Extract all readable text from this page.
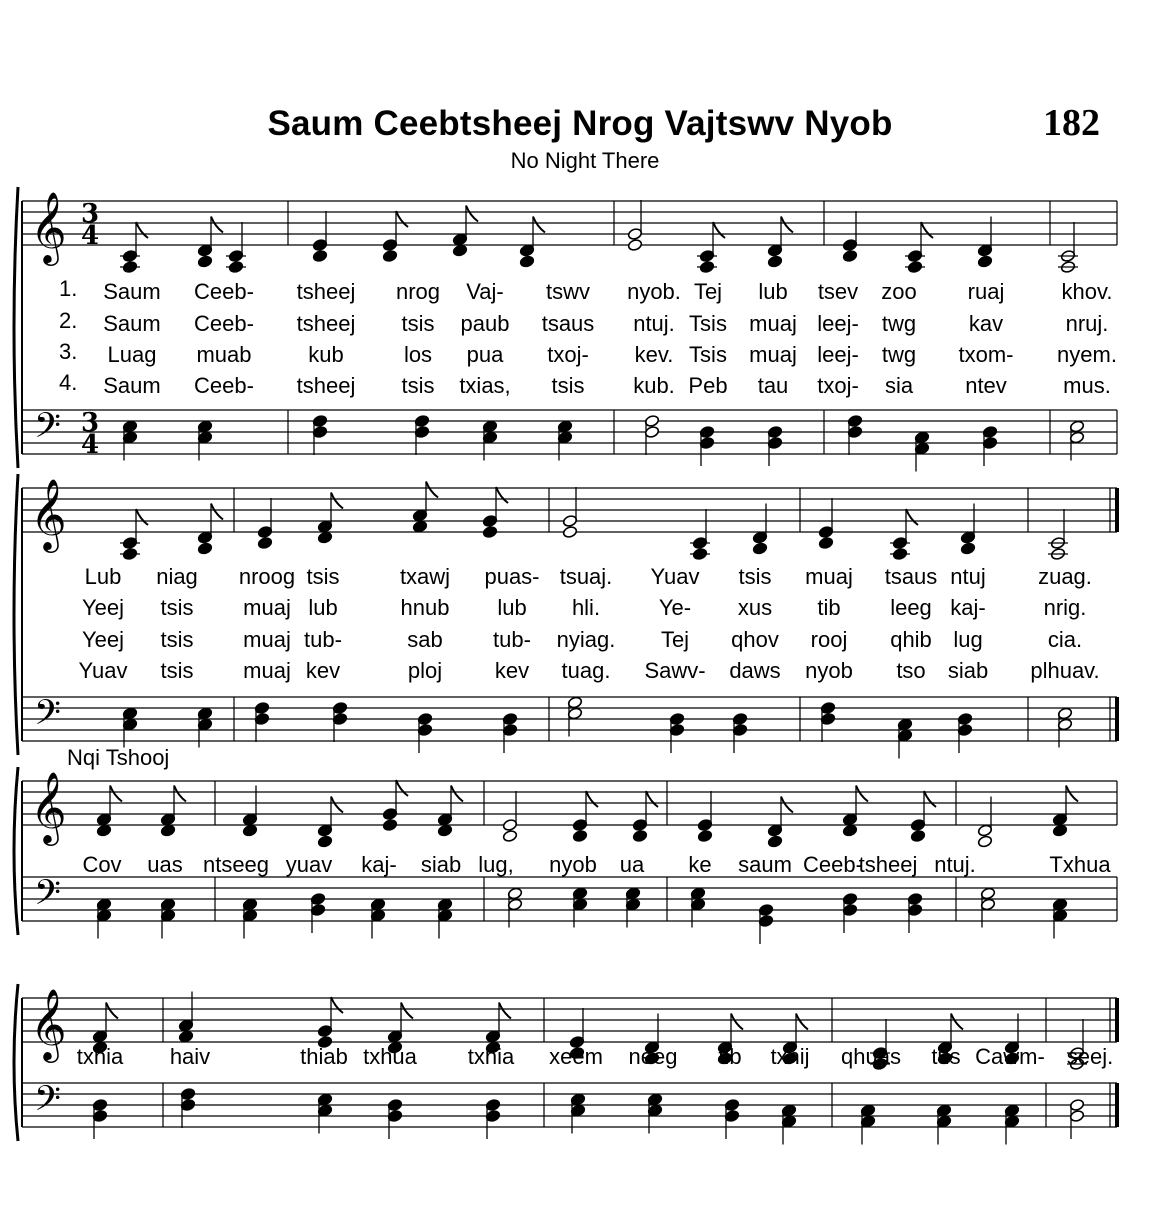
Saum Ceebtsheej Nrog Vajtswv Nyob	182
No Night There
𝄞
𝄢
3
4
3
4
𝄞
𝄢
𝄞
𝄢
𝄞
𝄢
1.
2.
3.
4.
Saum Ceeb- tsheej nrog Vaj- tswv nyob. Tej lub tsev zoo ruaj	khov.
Saum Ceeb- tsheej tsis paub tsaus ntuj. Tsis muaj leej- twg kav	nruj.
Luag muab	kub	los pua txoj- kev. Tsis muaj leej- twg txom- nyem.
Saum Ceeb- tsheej tsis txias, tsis kub. Peb tau txoj- sia ntev	mus.
Lub niag nroog tsis	txawj puas- tsuaj. Yuav tsis muaj tsaus ntuj zuag.
Yeej tsis muaj lub	hnub lub hli.	Ye- xus tib leeg kaj-	nrig.
Yeej tsis muaj tub-	sab tub- nyiag. Tej qhov rooj qhib lug	cia.
Yuav tsis muaj kev	ploj kev tuag. Sawv- daws nyob tso siab plhuav.
Cov uas ntseeg yuav kaj- siab lug, nyob ua ke saum Ceeb-
tsheej ntuj.	Txhua
txhia haiv	thiab txhua txhia xeem neeg tib txhij qhuas tus Cawm- seej.
Nqi Tshooj
